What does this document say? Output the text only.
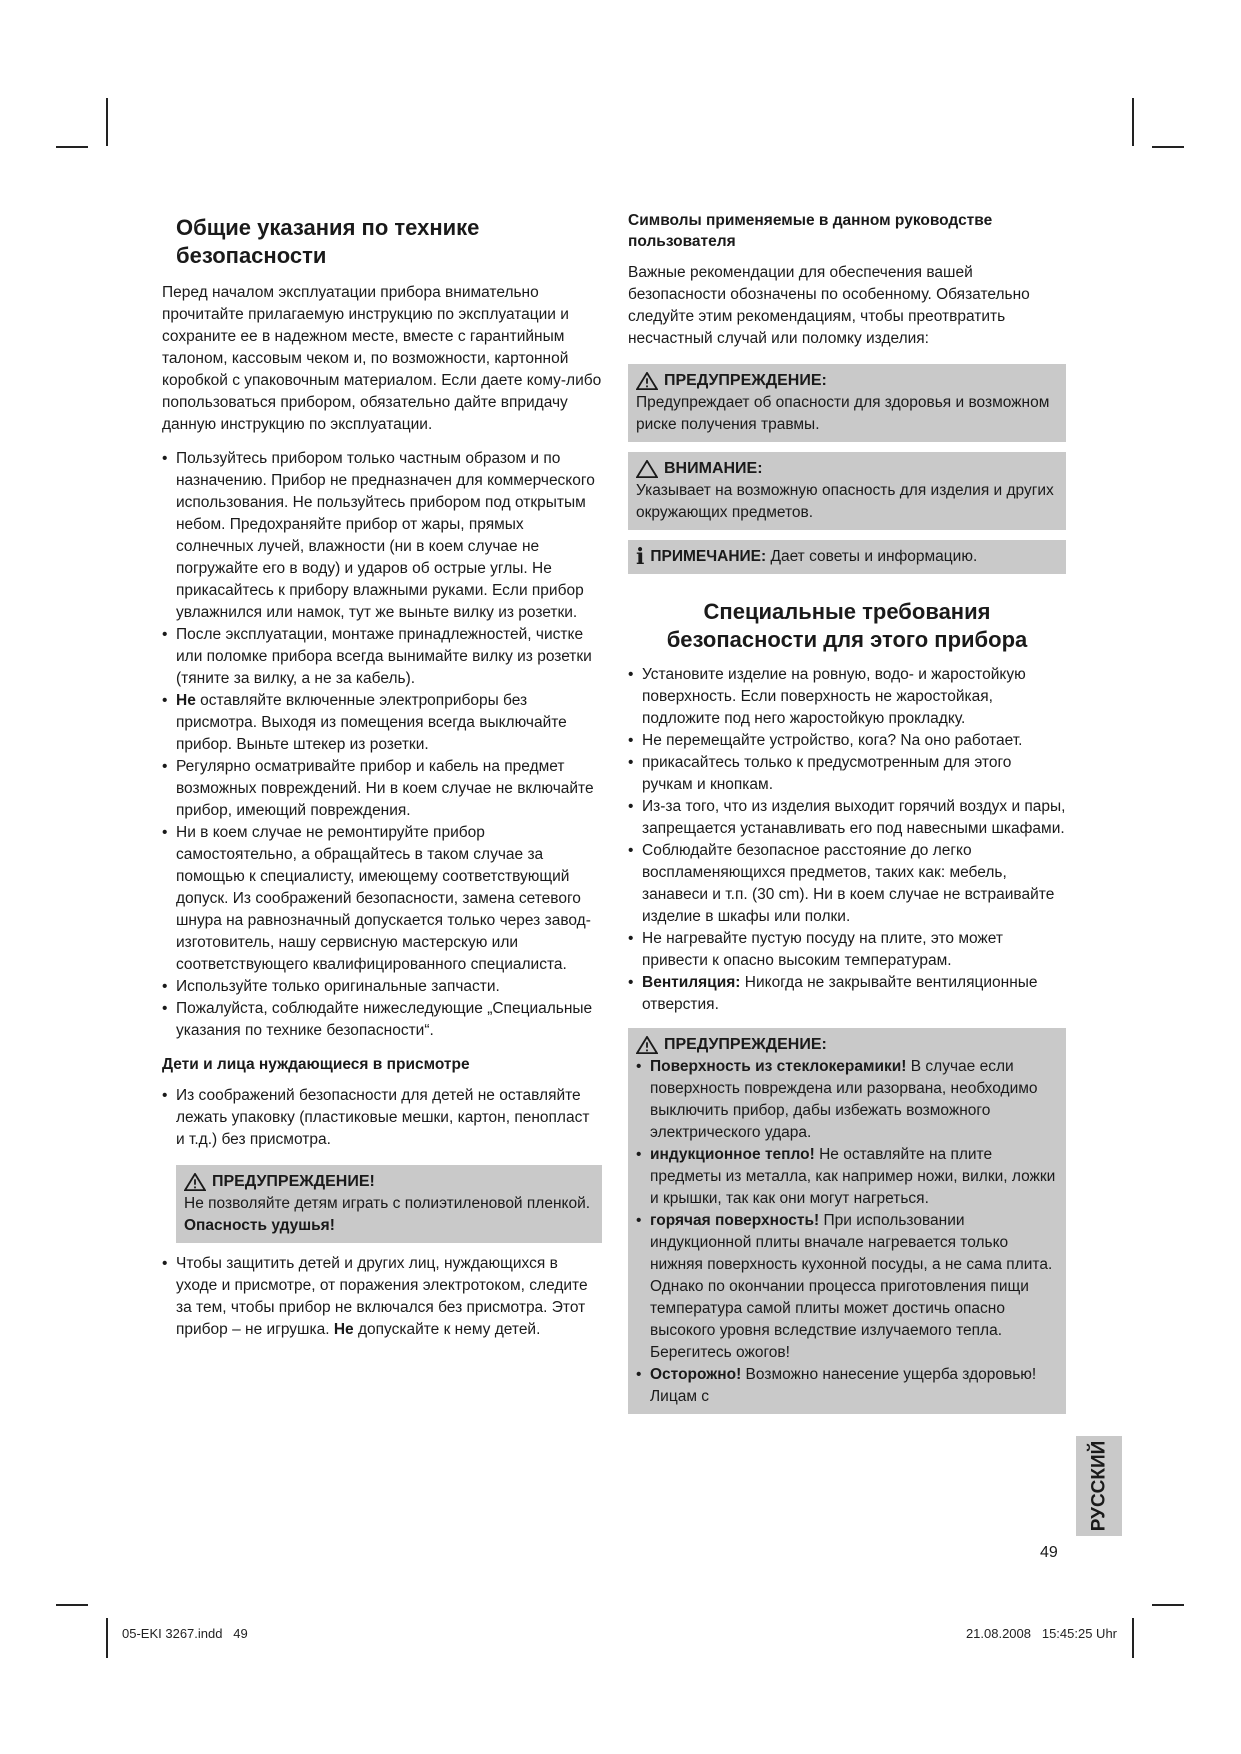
Общие указания по технике безопасности

Перед началом эксплуатации прибора внимательно прочитайте прилагаемую инструкцию по эксплуатации и сохраните ее в надежном месте, вместе с гарантийным талоном, кассовым чеком и, по возможности, картонной коробкой с упаковочным материалом. Если даете кому-либо попользоваться прибором, обязательно дайте впридачу данную инструкцию по эксплуатации.

• Пользуйтесь прибором только частным образом и по назначению. Прибор не предназначен для коммерческого использования. Не пользуйтесь прибором под открытым небом. Предохраняйте прибор от жары, прямых солнечных лучей, влажности (ни в коем случае не погружайте его в воду) и ударов об острые углы. Не прикасайтесь к прибору влажными руками. Если прибор увлажнился или намок, тут же выньте вилку из розетки.
• После эксплуатации, монтаже принадлежностей, чистке или поломке прибора всегда вынимайте вилку из розетки (тяните за вилку, а не за кабель).
• Не оставляйте включенные электроприборы без присмотра. Выходя из помещения всегда выключайте прибор. Выньте штекер из розетки.
• Регулярно осматривайте прибор и кабель на предмет возможных повреждений. Ни в коем случае не включайте прибор, имеющий повреждения.
• Ни в коем случае не ремонтируйте прибор самостоятельно, а обращайтесь в таком случае за помощью к специалисту, имеющему соответствующий допуск. Из соображений безопасности, замена сетевого шнура на равнозначный допускается только через завод-изготовитель, нашу сервисную мастерскую или соответствующего квалифицированного специалиста.
• Используйте только оригинальные запчасти.
• Пожалуйста, соблюдайте нижеследующие „Специальные указания по технике безопасности“.
Дети и лица нуждающиеся в присмотре
• Из соображений безопасности для детей не оставляйте лежать упаковку (пластиковые мешки, картон, пенопласт и т.д.) без присмотра.
ПРЕДУПРЕЖДЕНИЕ!
Не позволяйте детям играть с полиэтиленовой пленкой. Опасность удушья!
• Чтобы защитить детей и других лиц, нуждающихся в уходе и присмотре, от поражения электротоком, следите за тем, чтобы прибор не включался без присмотра. Этот прибор – не игрушка. Не допускайте к нему детей.
Символы применяемые в данном руководстве пользователя

Важные рекомендации для обеспечения вашей безопасности обозначены по особенному. Обязательно следуйте этим рекомендациям, чтобы преотвратить несчастный случай или поломку изделия:

ПРЕДУПРЕЖДЕНИЕ:
Предупреждает об опасности для здоровья и возможном риске получения травмы.
ВНИМАНИЕ:
Указывает на возможную опасность для изделия и других окружающих предметов.
i ПРИМЕЧАНИЕ: Дает советы и информацию.
Специальные требования безопасности для этого прибора
• Установите изделие на ровную, водо- и жаростойкую поверхность. Если поверхность не жаростойкая, подложите под него жаростойкую прокладку.
• Не перемещайте устройство, кога? Na оно работает.
• прикасайтесь только к предусмотренным для этого ручкам и кнопкам.
• Из-за того, что из изделия выходит горячий воздух и пары, запрещается устанавливать его под навесными шкафами.
• Соблюдайте безопасное расстояние до легко воспламеняющихся предметов, таких как: мебель, занавеси и т.п. (30 cm). Ни в коем случае не встраивайте изделие в шкафы или полки.
• Не нагревайте пустую посуду на плите, это может привести к опасно высоким температурам.
• Вентиляция: Никогда не закрывайте вентиляционные отверстия.
ПРЕДУПРЕЖДЕНИЕ:
• Поверхность из стеклокерамики! В случае если поверхность повреждена или разорвана, необходимо выключить прибор, дабы избежать возможного электрического удара.
• индукционное тепло! Не оставляйте на плите предметы из металла, как например ножи, вилки, ложки и крышки, так как они могут нагреться.
• горячая поверхность! При использовании индукционной плиты вначале нагревается только нижняя поверхность кухонной посуды, а не сама плита. Однако по окончании процесса приготовления пищи температура самой плиты может достичь опасно высокого уровня вследствие излучаемого тепла. Берегитесь ожогов!
• Осторожно! Возможно нанесение ущерба здоровью! Лицам с
РУССКИЙ
49
05-EKI 3267.indd   49	21.08.2008   15:45:25 Uhr
